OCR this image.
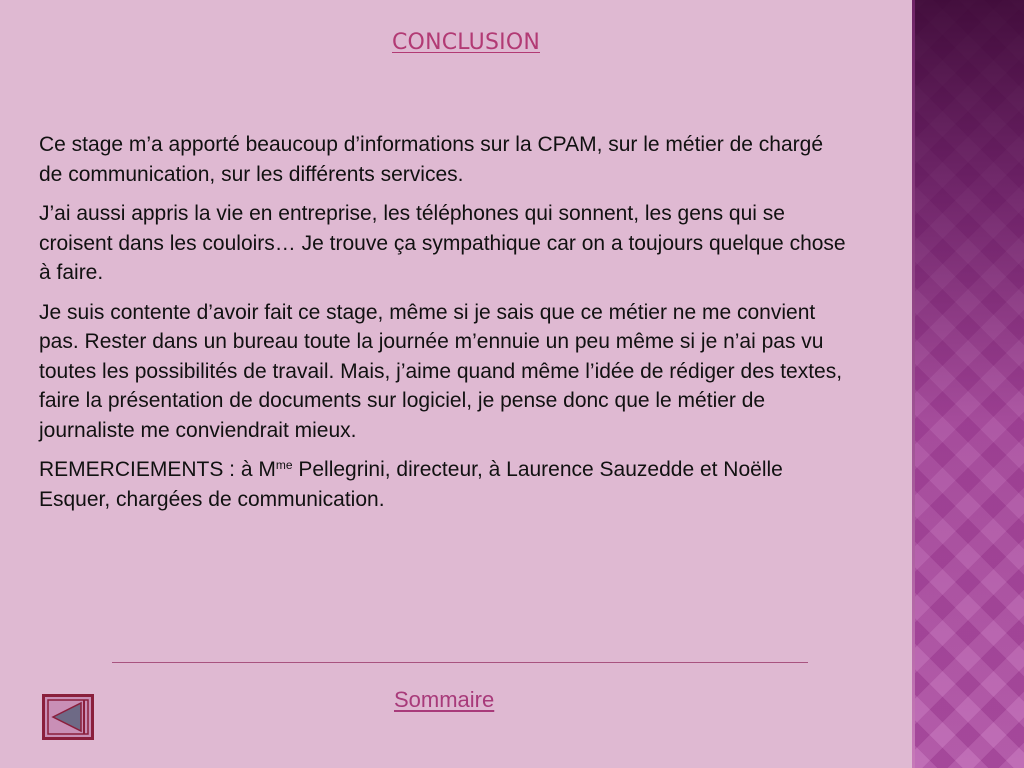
CONCLUSION

Ce stage m’a apporté beaucoup d’informations sur la CPAM, sur le métier de chargé de communication, sur les différents services.

J’ai aussi appris la vie en entreprise, les téléphones qui sonnent, les gens qui se croisent dans les couloirs… Je trouve ça sympathique car on a toujours quelque chose à faire.

Je suis contente d’avoir fait ce stage, même si je sais que ce métier ne me convient pas. Rester dans un bureau toute la journée m’ennuie un peu même si je n’ai pas vu toutes les possibilités de travail. Mais, j’aime quand même l’idée de rédiger des textes, faire la présentation de documents sur logiciel, je pense donc que le métier de journaliste me conviendrait mieux.

REMERCIEMENTS : à $M^{me}$ Pellegrini, directeur, à Laurence Sauzedde et Noëlle Esquer, chargées de communication.

Sommaire
